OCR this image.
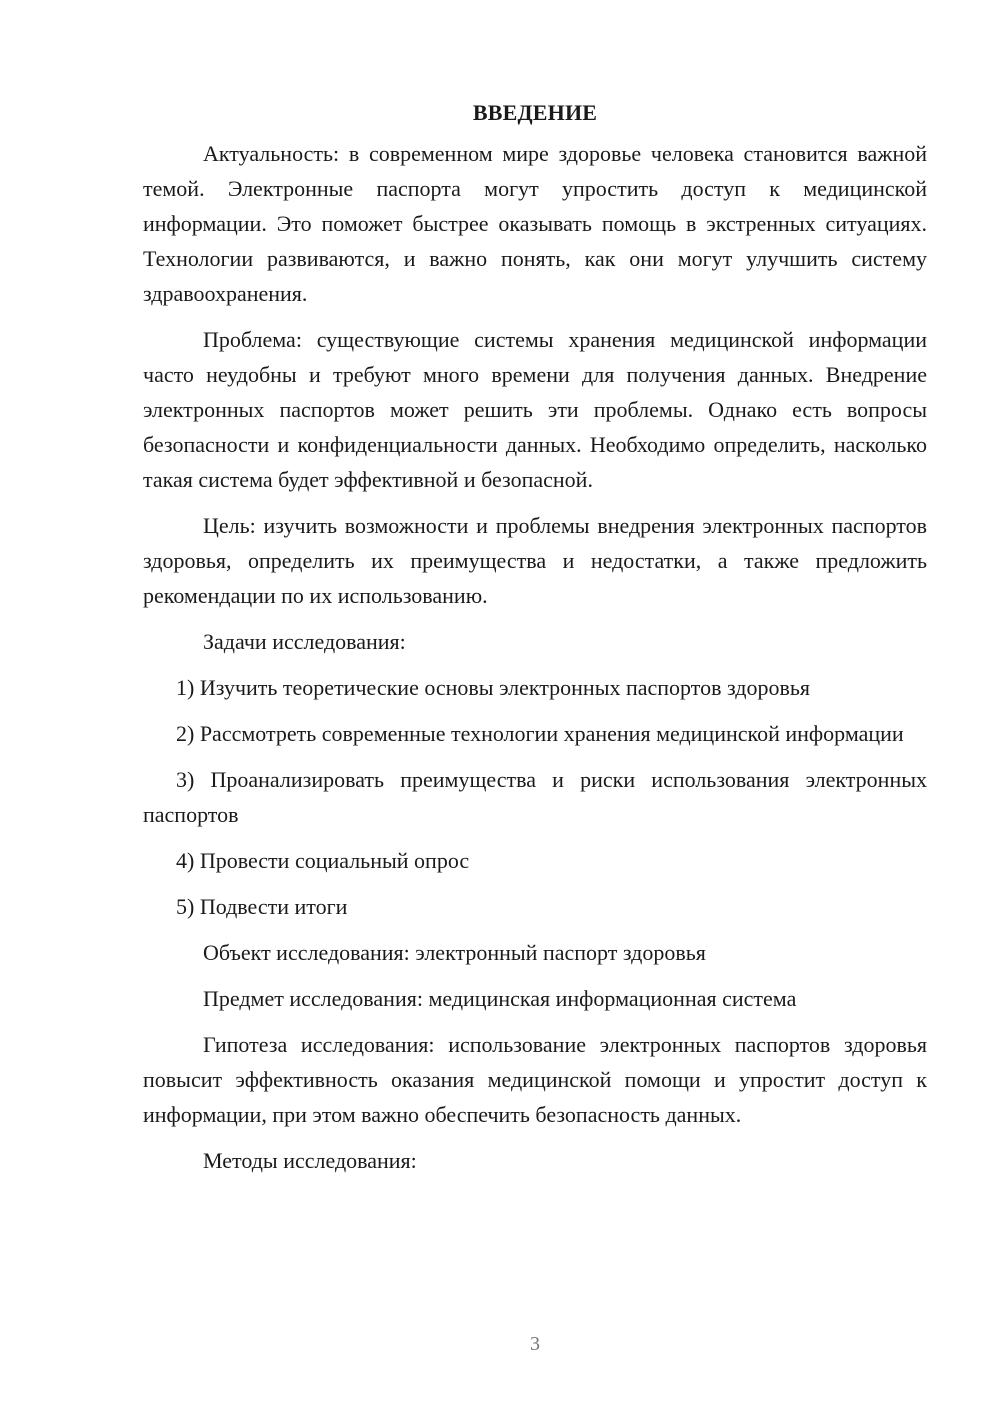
ВВЕДЕНИЕ

Актуальность: в современном мире здоровье человека становится важной темой. Электронные паспорта могут упростить доступ к медицинской информации. Это поможет быстрее оказывать помощь в экстренных ситуациях. Технологии развиваются, и важно понять, как они могут улучшить систему здравоохранения.

Проблема: существующие системы хранения медицинской информации часто неудобны и требуют много времени для получения данных. Внедрение электронных паспортов может решить эти проблемы. Однако есть вопросы безопасности и конфиденциальности данных. Необходимо определить, насколько такая система будет эффективной и безопасной.

Цель: изучить возможности и проблемы внедрения электронных паспортов здоровья, определить их преимущества и недостатки, а также предложить рекомендации по их использованию.

Задачи исследования:

1) Изучить теоретические основы электронных паспортов здоровья

2) Рассмотреть современные технологии хранения медицинской информации

3) Проанализировать преимущества и риски использования электронных паспортов

4) Провести социальный опрос

5) Подвести итоги

Объект исследования: электронный паспорт здоровья

Предмет исследования: медицинская информационная система

Гипотеза исследования: использование электронных паспортов здоровья повысит эффективность оказания медицинской помощи и упростит доступ к информации, при этом важно обеспечить безопасность данных.

Методы исследования:

3
